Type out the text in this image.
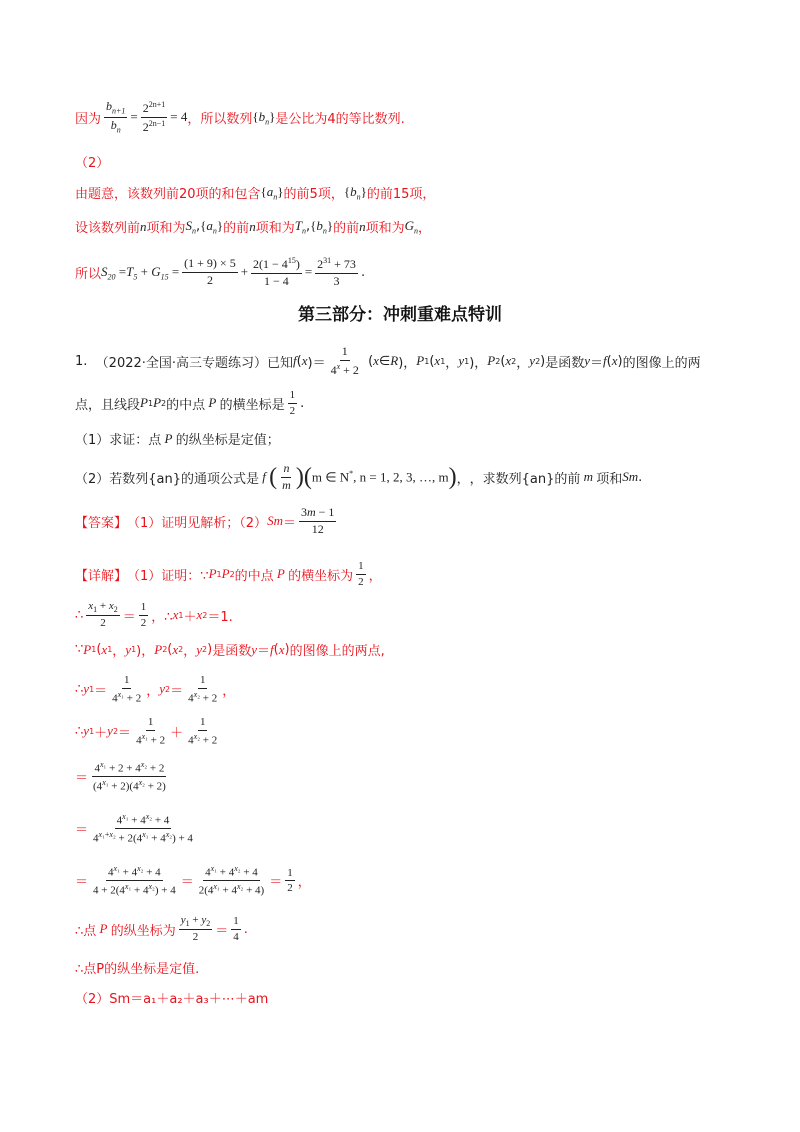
因为 $\frac{b_{n+1}}{b_n} = \frac{2^{2n+1}}{2^{2n-1}} = 4$ ，所以数列 $\{b_n\}$ 是公比为4的等比数列.
（2）
由题意，该数列前20项的和包含 $\{a_n\}$ 的前5项， $\{b_n\}$ 的前15项，
设该数列前 n 项和为 $S_n$ , $\{a_n\}$ 的前 n 项和为 $T_n$ , $\{b_n\}$ 的前 n 项和为 $G_n$ ，
所以 $S_{20} = T_5 + G_{15} = \frac{(1 + 9) \times 5}{2} + \frac{2(1 - 4^{15})}{1 - 4} = \frac{2^{31} + 73}{3}$ .
第三部分：冲刺重难点特训
1.
（2022·全国·高三专题练习）已知 f ( x )＝ $\frac{1}{4^x + 2}$ ( x ∈ R )， P 1 ( x 1 ， y 1 )， P 2 ( x 2 ， y 2 ) 是函数 y ＝ f ( x ) 的图像上的两
点，且线段 P 1 P 2 的中点 P 的横坐标是 $\frac{1}{2}$ .
（1）求证：点 P 的纵坐标是定值；
（2）若数列{an}的通项公式是 f ( $\frac{n}{m}$ ) ( m ∈ N*, n = 1, 2, 3, …, m ) ， ，求数列{an}的前 m 项和 Sm .
【答案】 （1）证明见解析；（2） $Sm = \frac{3m - 1}{12}$
【详解】 （1）证明：∵ P 1 P 2 的中点 P 的横坐标为 $\frac{1}{2}$ ，
∴ $\frac{x_1 + x_2}{2} = \frac{1}{2}$ ，∴ x 1 ＋ x 2 ＝1.
∵ P 1 ( x 1 ， y 1 )， P 2 ( x 2 ， y 2 ) 是函数 y ＝ f ( x ) 的图像上的两点,
∴ y $1 = \frac{1}{4^{x_1} + 2}$ ， y $2 = \frac{1}{4^{x_2} + 2}$ ，
∴ y 1 ＋ y $2 = \frac{1}{4^{x_1} + 2} + \frac{1}{4^{x_2} + 2}$
＝ $\frac{4^{x_1} + 2 + 4^{x_2} + 2}{(4^{x_1} + 2)(4^{x_2} + 2)}$
＝ $\frac{4^{x_1} + 4^{x_2} + 4}{4^{x_1+x_2} + 2(4^{x_1} + 4^{x_2}) + 4}$
＝ $\frac{4^{x_1} + 4^{x_2} + 4}{4 + 2(4^{x_1} + 4^{x_2}) + 4} = \frac{4^{x_1} + 4^{x_2} + 4}{2(4^{x_1} + 4^{x_2} + 4)} = \frac{1}{2}$ ，
∴点 P 的纵坐标为 $\frac{y_1 + y_2}{2} = \frac{1}{4}$ .
∴点P的纵坐标是定值.
（2）Sm＝a₁＋a₂＋a₃＋⋯＋am
